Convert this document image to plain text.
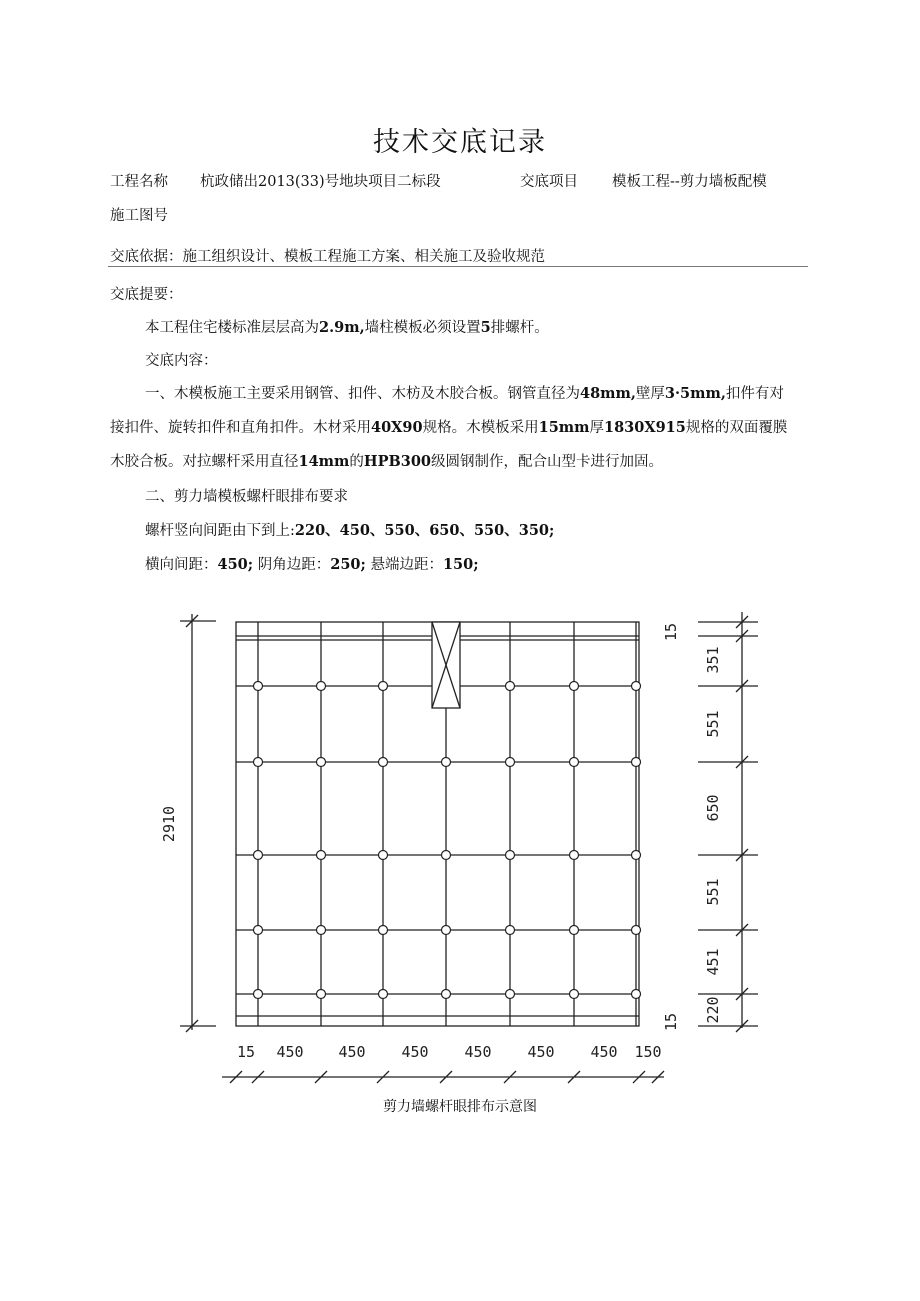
技术交底记录
工程名称 杭政储出2013(33)号地块项目二标段	交底项目 模板工程--剪力墙板配模
施工图号
交底依据：施工组织设计、模板工程施工方案、相关施工及验收规范
交底提要：
本工程住宅楼标准层层高为2.9m,墙柱模板必须设置5排螺杆。
交底内容：
一、木模板施工主要采用钢管、扣件、木枋及木胶合板。钢管直径为48mm,壁厚3·5mm,扣件有对
接扣件、旋转扣件和直角扣件。木材采用40X90规格。木模板采用15mm厚1830X915规格的双面覆膜
木胶合板。对拉螺杆采用直径14mm的HPB300级圆钢制作，配合山型卡进行加固。
二、剪力墙模板螺杆眼排布要求
螺杆竖向间距由下到上:220、450、550、650、550、350;
横向间距：450; 阴角边距：250; 悬端边距：150;
2910
15
351
551
650
551
451
220
15
15 450 450 450 450 450 450 150
剪力墙螺杆眼排布示意图
